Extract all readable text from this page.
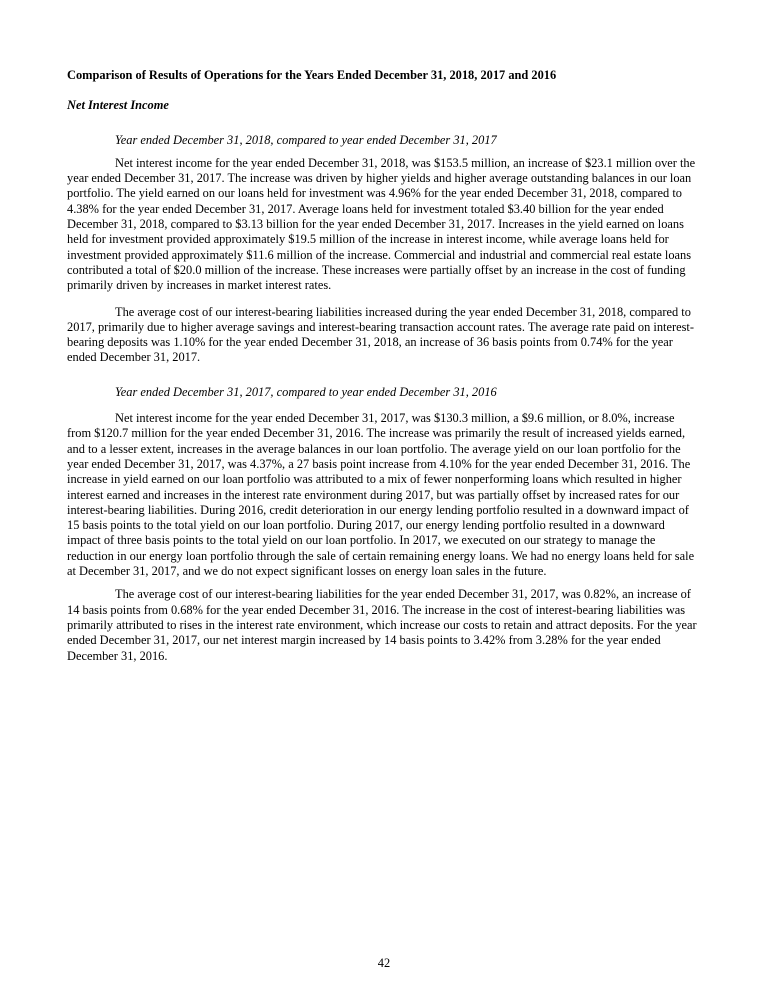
Comparison of Results of Operations for the Years Ended December 31, 2018, 2017 and 2016
Net Interest Income
Year ended December 31, 2018, compared to year ended December 31, 2017

Net interest income for the year ended December 31, 2018, was $153.5 million, an increase of $23.1 million over the year ended December 31, 2017. The increase was driven by higher yields and higher average outstanding balances in our loan portfolio. The yield earned on our loans held for investment was 4.96% for the year ended December 31, 2018, compared to 4.38% for the year ended December 31, 2017. Average loans held for investment totaled $3.40 billion for the year ended December 31, 2018, compared to $3.13 billion for the year ended December 31, 2017. Increases in the yield earned on loans held for investment provided approximately $19.5 million of the increase in interest income, while average loans held for investment provided approximately $11.6 million of the increase. Commercial and industrial and commercial real estate loans contributed a total of $20.0 million of the increase. These increases were partially offset by an increase in the cost of funding primarily driven by increases in market interest rates.

The average cost of our interest-bearing liabilities increased during the year ended December 31, 2018, compared to 2017, primarily due to higher average savings and interest-bearing transaction account rates. The average rate paid on interest-bearing deposits was 1.10% for the year ended December 31, 2018, an increase of 36 basis points from 0.74% for the year ended December 31, 2017.

Year ended December 31, 2017, compared to year ended December 31, 2016

Net interest income for the year ended December 31, 2017, was $130.3 million, a $9.6 million, or 8.0%, increase from $120.7 million for the year ended December 31, 2016. The increase was primarily the result of increased yields earned, and to a lesser extent, increases in the average balances in our loan portfolio. The average yield on our loan portfolio for the year ended December 31, 2017, was 4.37%, a 27 basis point increase from 4.10% for the year ended December 31, 2016. The increase in yield earned on our loan portfolio was attributed to a mix of fewer nonperforming loans which resulted in higher interest earned and increases in the interest rate environment during 2017, but was partially offset by increased rates for our interest-bearing liabilities. During 2016, credit deterioration in our energy lending portfolio resulted in a downward impact of 15 basis points to the total yield on our loan portfolio. During 2017, our energy lending portfolio resulted in a downward impact of three basis points to the total yield on our loan portfolio. In 2017, we executed on our strategy to manage the reduction in our energy loan portfolio through the sale of certain remaining energy loans. We had no energy loans held for sale at December 31, 2017, and we do not expect significant losses on energy loan sales in the future.

The average cost of our interest-bearing liabilities for the year ended December 31, 2017, was 0.82%, an increase of 14 basis points from 0.68% for the year ended December 31, 2016. The increase in the cost of interest-bearing liabilities was primarily attributed to rises in the interest rate environment, which increase our costs to retain and attract deposits. For the year ended December 31, 2017, our net interest margin increased by 14 basis points to 3.42% from 3.28% for the year ended December 31, 2016.

42
